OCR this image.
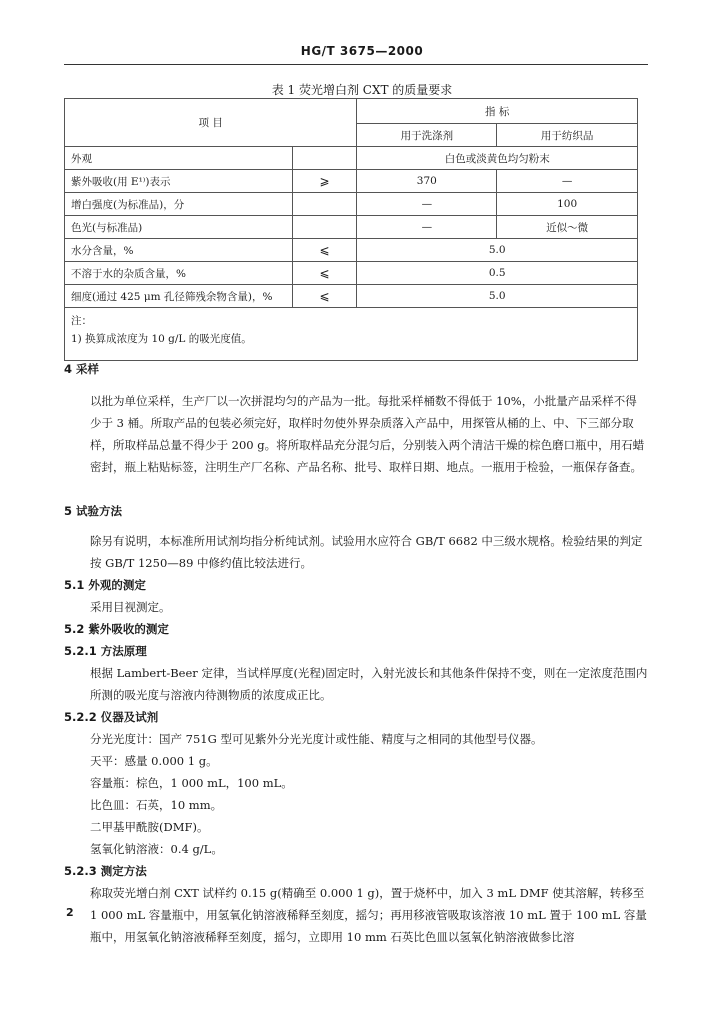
HG/T 3675—2000
表 1 荧光增白剂 CXT 的质量要求
项 目		指 标	
		用于洗涤剂	用于纺织品
外观		白色或淡黄色均匀粉末	
紫外吸收(用 E¹⁾)表示	⩾	370	—
增白强度(为标准品)，分		—	100
色光(与标准品)		—	近似～微
水分含量，%	⩽	5.0	
不溶于水的杂质含量，%	⩽	0.5	
细度(通过 425 μm 孔径筛残余物含量)，%	⩽	5.0	

注：
1) 换算成浓度为 10 g/L 的吸光度值。			
4 采样
以批为单位采样，生产厂以一次拼混均匀的产品为一批。每批采样桶数不得低于 10%，小批量产品采样不得少于 3 桶。所取产品的包装必须完好，取样时勿使外界杂质落入产品中，用探管从桶的上、中、下三部分取样，所取样品总量不得少于 200 g。将所取样品充分混匀后，分别装入两个清洁干燥的棕色磨口瓶中，用石蜡密封，瓶上粘贴标签，注明生产厂名称、产品名称、批号、取样日期、地点。一瓶用于检验，一瓶保存备查。
5 试验方法
除另有说明，本标准所用试剂均指分析纯试剂。试验用水应符合 GB/T 6682 中三级水规格。检验结果的判定按 GB/T 1250—89 中修约值比较法进行。
5.1 外观的测定
采用目视测定。
5.2 紫外吸收的测定
5.2.1 方法原理
根据 Lambert-Beer 定律，当试样厚度(光程)固定时，入射光波长和其他条件保持不变，则在一定浓度范围内所测的吸光度与溶液内待测物质的浓度成正比。
5.2.2 仪器及试剂
分光光度计：国产 751G 型可见紫外分光光度计或性能、精度与之相同的其他型号仪器。
天平：感量 0.000 1 g。
容量瓶：棕色，1 000 mL，100 mL。
比色皿：石英，10 mm。
二甲基甲酰胺(DMF)。
氢氧化钠溶液：0.4 g/L。
5.2.3 测定方法
称取荧光增白剂 CXT 试样约 0.15 g(精确至 0.000 1 g)，置于烧杯中，加入 3 mL DMF 使其溶解，转移至 1 000 mL 容量瓶中，用氢氧化钠溶液稀释至刻度，摇匀；再用移液管吸取该溶液 10 mL 置于 100 mL 容量瓶中，用氢氧化钠溶液稀释至刻度，摇匀，立即用 10 mm 石英比色皿以氢氧化钠溶液做参比溶
2
